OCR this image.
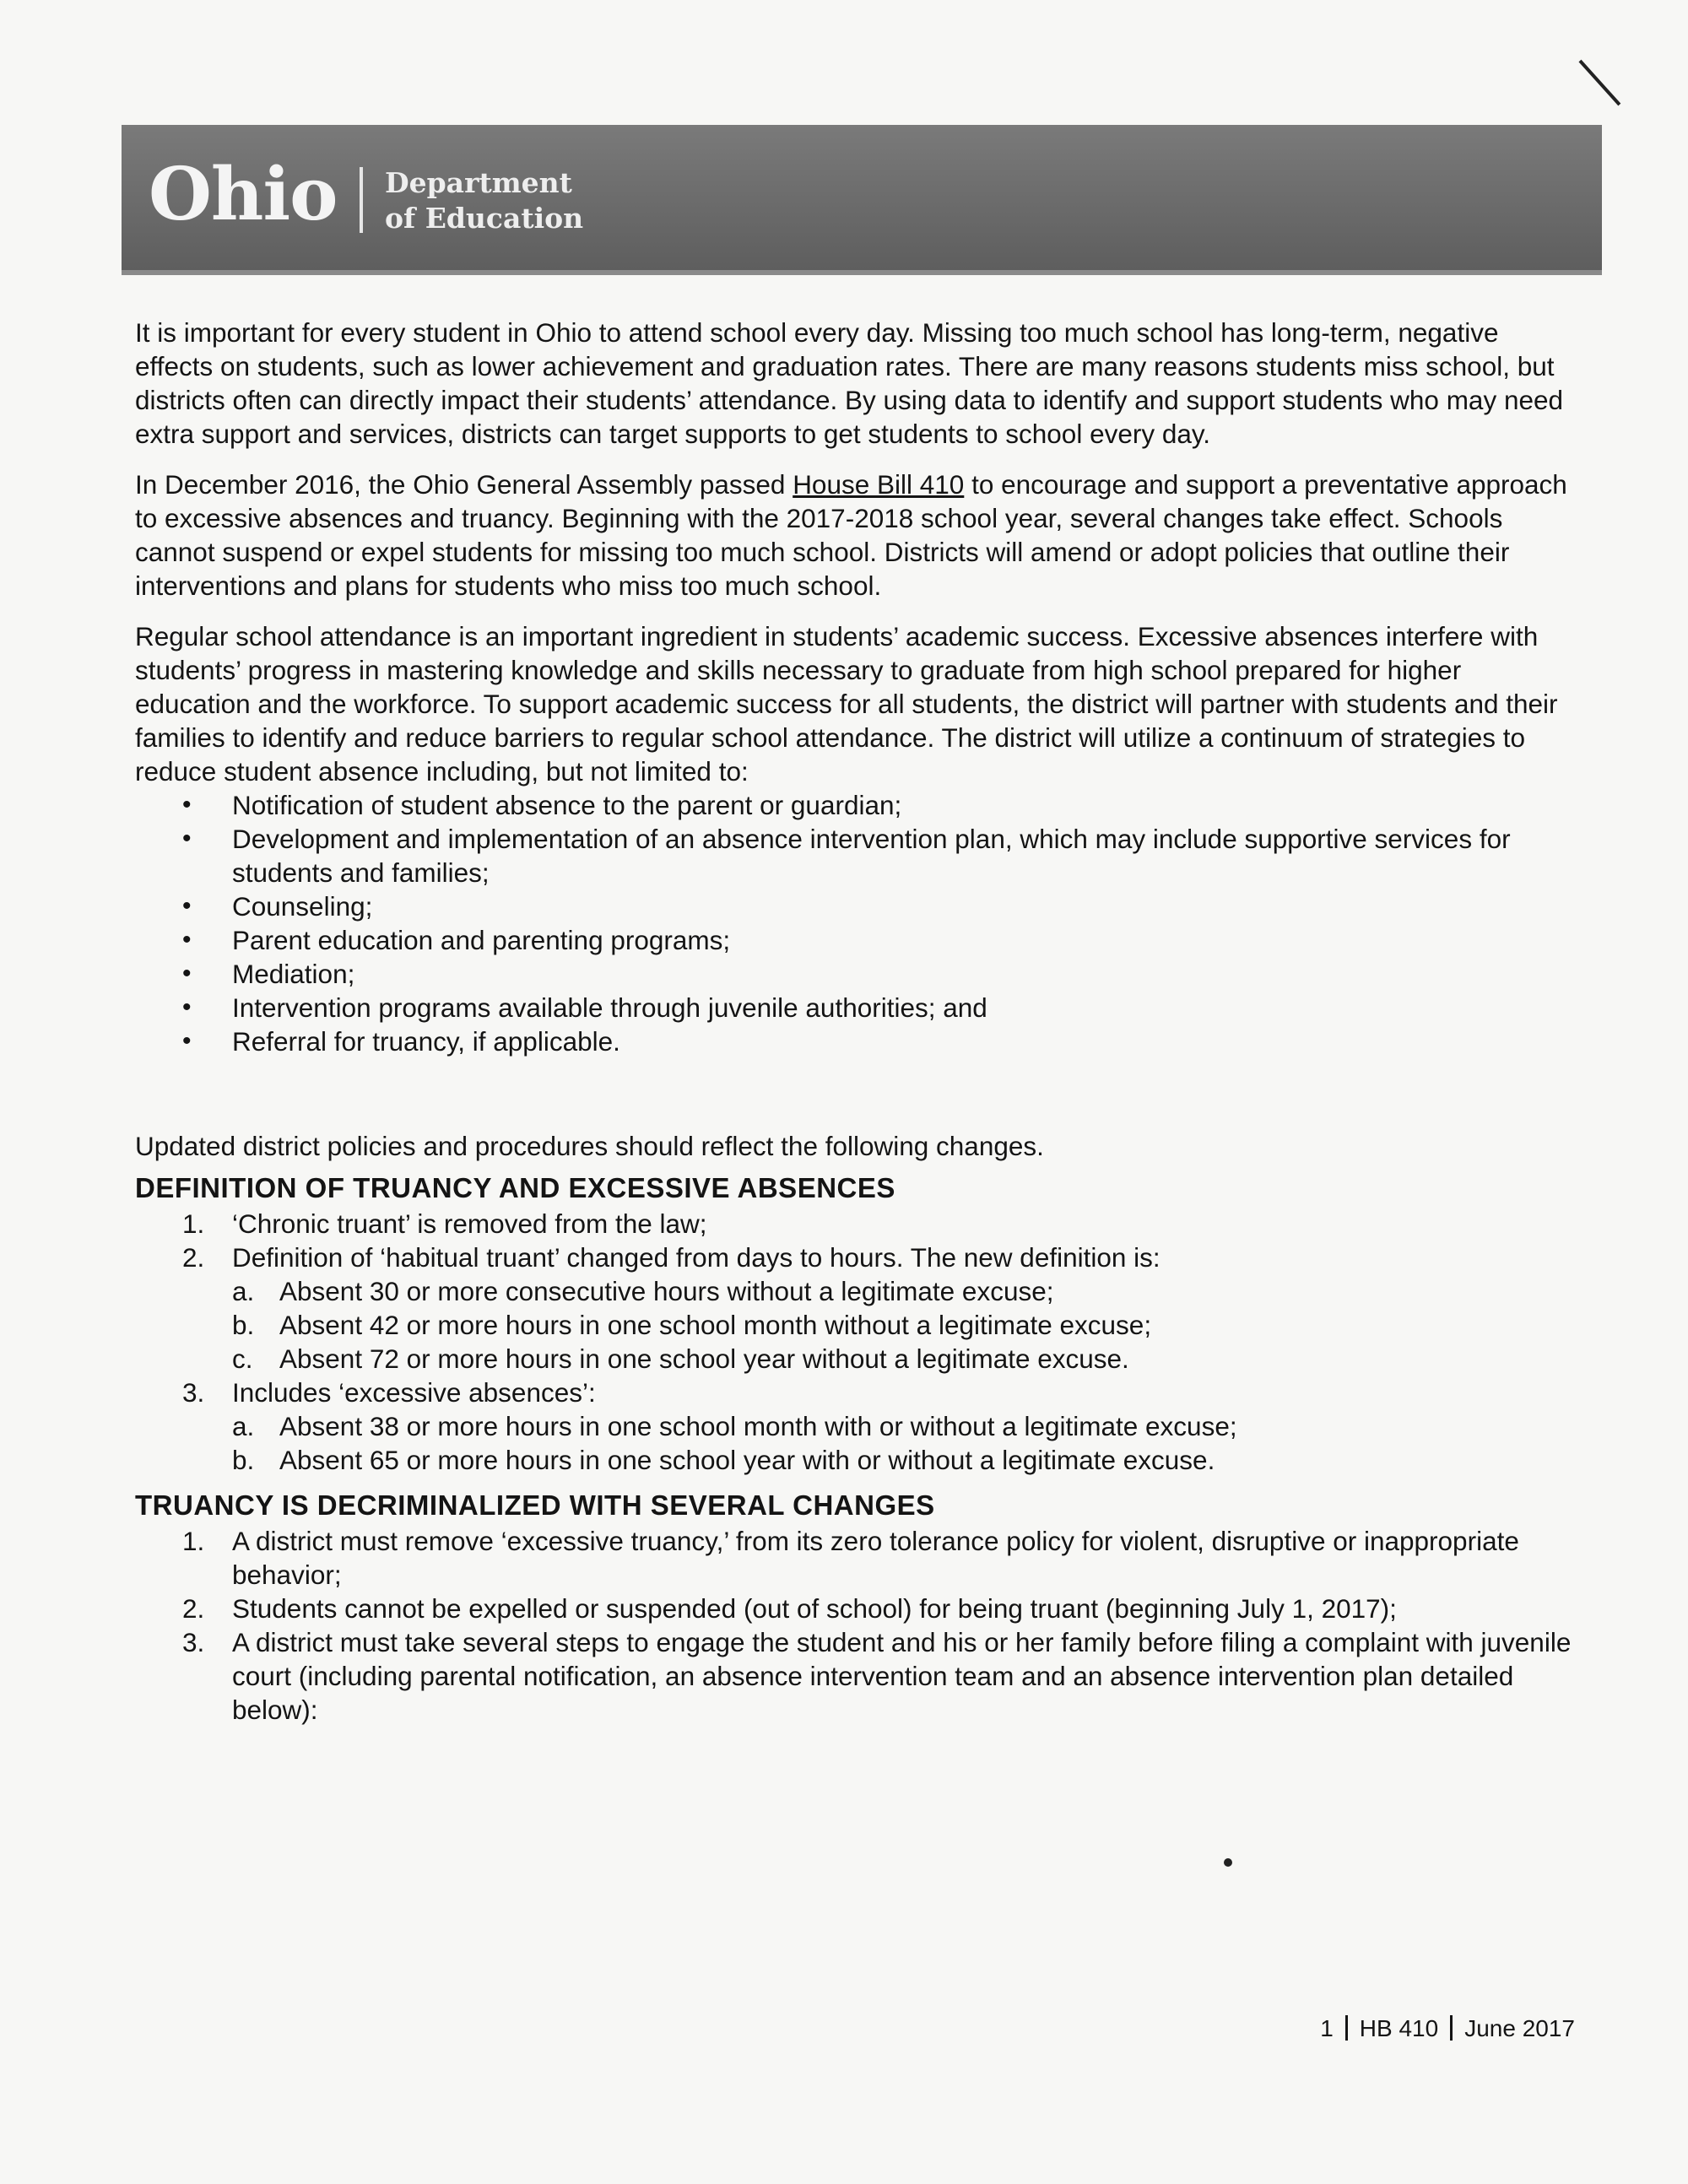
Ohio Department
of Education

It is important for every student in Ohio to attend school every day. Missing too much school has long-term, negative effects on students, such as lower achievement and graduation rates. There are many reasons students miss school, but districts often can directly impact their students’ attendance. By using data to identify and support students who may need extra support and services, districts can target supports to get students to school every day.

In December 2016, the Ohio General Assembly passed House Bill 410 to encourage and support a preventative approach to excessive absences and truancy. Beginning with the 2017-2018 school year, several changes take effect. Schools cannot suspend or expel students for missing too much school. Districts will amend or adopt policies that outline their interventions and plans for students who miss too much school.

Regular school attendance is an important ingredient in students’ academic success. Excessive absences interfere with students’ progress in mastering knowledge and skills necessary to graduate from high school prepared for higher education and the workforce. To support academic success for all students, the district will partner with students and their families to identify and reduce barriers to regular school attendance. The district will utilize a continuum of strategies to reduce student absence including, but not limited to:

• Notification of student absence to the parent or guardian;
• Development and implementation of an absence intervention plan, which may include supportive services for students and families;
• Counseling;
• Parent education and parenting programs;
• Mediation;
• Intervention programs available through juvenile authorities; and
• Referral for truancy, if applicable.

Updated district policies and procedures should reflect the following changes.

DEFINITION OF TRUANCY AND EXCESSIVE ABSENCES
1. ‘Chronic truant’ is removed from the law;
2. Definition of ‘habitual truant’ changed from days to hours. The new definition is:
a. Absent 30 or more consecutive hours without a legitimate excuse;
b. Absent 42 or more hours in one school month without a legitimate excuse;
c. Absent 72 or more hours in one school year without a legitimate excuse.
3. Includes ‘excessive absences’:
a. Absent 38 or more hours in one school month with or without a legitimate excuse;
b. Absent 65 or more hours in one school year with or without a legitimate excuse.
TRUANCY IS DECRIMINALIZED WITH SEVERAL CHANGES
1. A district must remove ‘excessive truancy,’ from its zero tolerance policy for violent, disruptive or inappropriate behavior;
2. Students cannot be expelled or suspended (out of school) for being truant (beginning July 1, 2017);
3. A district must take several steps to engage the student and his or her family before filing a complaint with juvenile court (including parental notification, an absence intervention team and an absence intervention plan detailed below):
1 HB 410 June 2017
